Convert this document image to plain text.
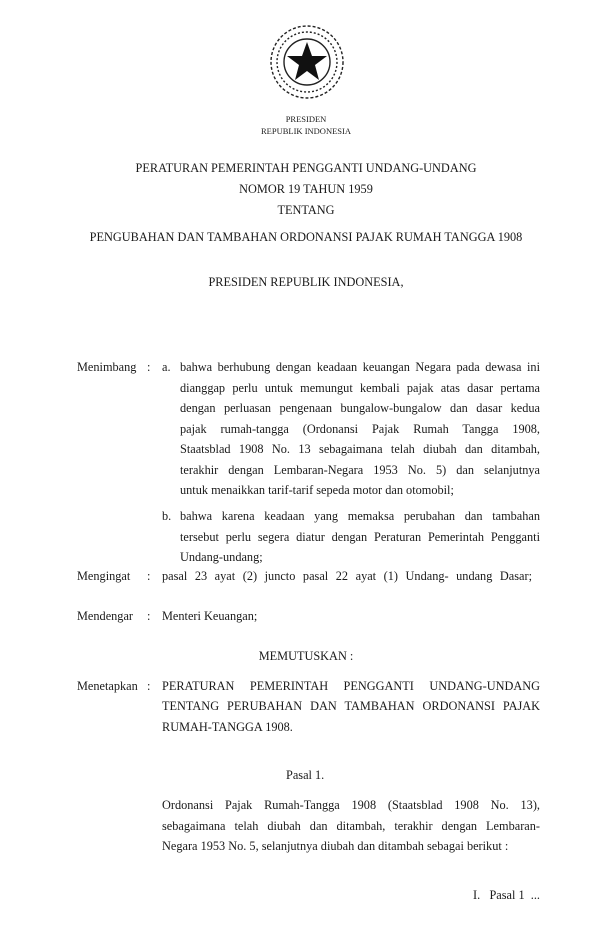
PRESIDEN
REPUBLIK INDONESIA
PERATURAN PEMERINTAH PENGGANTI UNDANG-UNDANG
NOMOR 19 TAHUN 1959
TENTANG
PENGUBAHAN DAN TAMBAHAN ORDONANSI PAJAK RUMAH TANGGA 1908
PRESIDEN REPUBLIK INDONESIA,
Menimbang : a. bahwa berhubung dengan keadaan keuangan Negara pada dewasa ini
dianggap perlu untuk memungut kembali pajak atas dasar pertama
dengan perluasan pengenaan bungalow-bungalow dan dasar kedua
pajak rumah-tangga (Ordonansi Pajak Rumah Tangga 1908,
Staatsblad 1908 No. 13 sebagaimana telah diubah dan ditambah,
terakhir dengan Lembaran-Negara 1953 No. 5) dan selanjutnya
untuk menaikkan tarif-tarif sepeda motor dan otomobil;
b. bahwa karena keadaan yang memaksa perubahan dan tambahan
tersebut perlu segera diatur dengan Peraturan Pemerintah Pengganti
Undang-undang;
Mengingat : pasal 23 ayat (2) juncto pasal 22 ayat (1) Undang- undang Dasar;
Mendengar : Menteri Keuangan;
MEMUTUSKAN :
Menetapkan : PERATURAN PEMERINTAH PENGGANTI UNDANG-UNDANG
TENTANG PERUBAHAN DAN TAMBAHAN ORDONANSI PAJAK
RUMAH-TANGGA 1908.
Pasal 1.
Ordonansi Pajak Rumah-Tangga 1908 (Staatsblad 1908 No. 13),
sebagaimana telah diubah dan ditambah, terakhir dengan Lembaran-
Negara 1953 No. 5, selanjutnya diubah dan ditambah sebagai berikut :
I.   Pasal 1  ...
